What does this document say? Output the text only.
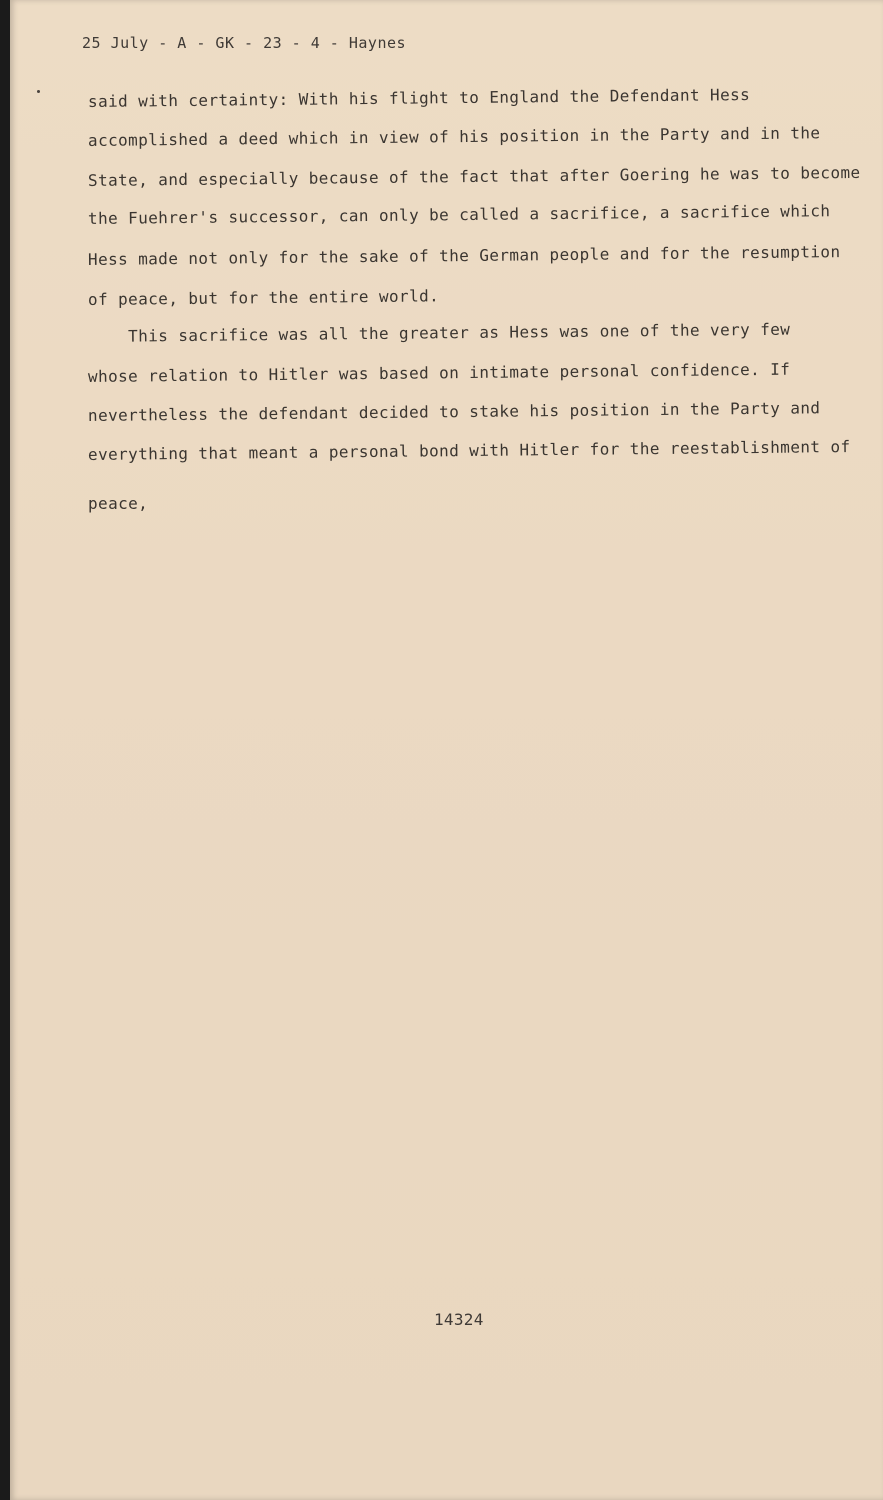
25 July - A - GK - 23 - 4 - Haynes
said with certainty: With his flight to England the Defendant Hess
accomplished a deed which in view of his position in the Party and in the
State, and especially because of the fact that after Goering he was to become
the Fuehrer's successor, can only be called a sacrifice, a sacrifice which
Hess made not only for the sake of the German people and for the resumption
of peace, but for the entire world.
This sacrifice was all the greater as Hess was one of the very few
whose relation to Hitler was based on intimate personal confidence. If
nevertheless the defendant decided to stake his position in the Party and
everything that meant a personal bond with Hitler for the reestablishment of
peace,
14324
